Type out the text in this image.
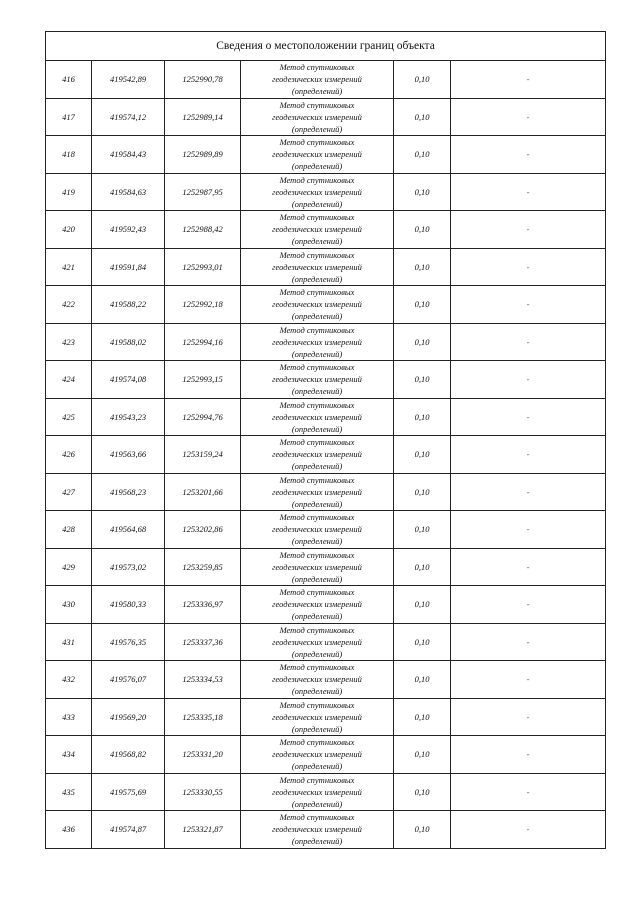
Сведения о местоположении границ объекта					
416	419542,89	1252990,78	Метод спутниковых
геодезических измерений
(определений)	0,10	-
417	419574,12	1252989,14	Метод спутниковых
геодезических измерений
(определений)	0,10	-
418	419584,43	1252989,89	Метод спутниковых
геодезических измерений
(определений)	0,10	-
419	419584,63	1252987,95	Метод спутниковых
геодезических измерений
(определений)	0,10	-
420	419592,43	1252988,42	Метод спутниковых
геодезических измерений
(определений)	0,10	-
421	419591,84	1252993,01	Метод спутниковых
геодезических измерений
(определений)	0,10	-
422	419588,22	1252992,18	Метод спутниковых
геодезических измерений
(определений)	0,10	-
423	419588,02	1252994,16	Метод спутниковых
геодезических измерений
(определений)	0,10	-
424	419574,08	1252993,15	Метод спутниковых
геодезических измерений
(определений)	0,10	-
425	419543,23	1252994,76	Метод спутниковых
геодезических измерений
(определений)	0,10	-
426	419563,66	1253159,24	Метод спутниковых
геодезических измерений
(определений)	0,10	-
427	419568,23	1253201,66	Метод спутниковых
геодезических измерений
(определений)	0,10	-
428	419564,68	1253202,86	Метод спутниковых
геодезических измерений
(определений)	0,10	-
429	419573,02	1253259,85	Метод спутниковых
геодезических измерений
(определений)	0,10	-
430	419580,33	1253336,97	Метод спутниковых
геодезических измерений
(определений)	0,10	-
431	419576,35	1253337,36	Метод спутниковых
геодезических измерений
(определений)	0,10	-
432	419576,07	1253334,53	Метод спутниковых
геодезических измерений
(определений)	0,10	-
433	419569,20	1253335,18	Метод спутниковых
геодезических измерений
(определений)	0,10	-
434	419568,82	1253331,20	Метод спутниковых
геодезических измерений
(определений)	0,10	-
435	419575,69	1253330,55	Метод спутниковых
геодезических измерений
(определений)	0,10	-
436	419574,87	1253321,87	Метод спутниковых
геодезических измерений
(определений)	0,10	-
